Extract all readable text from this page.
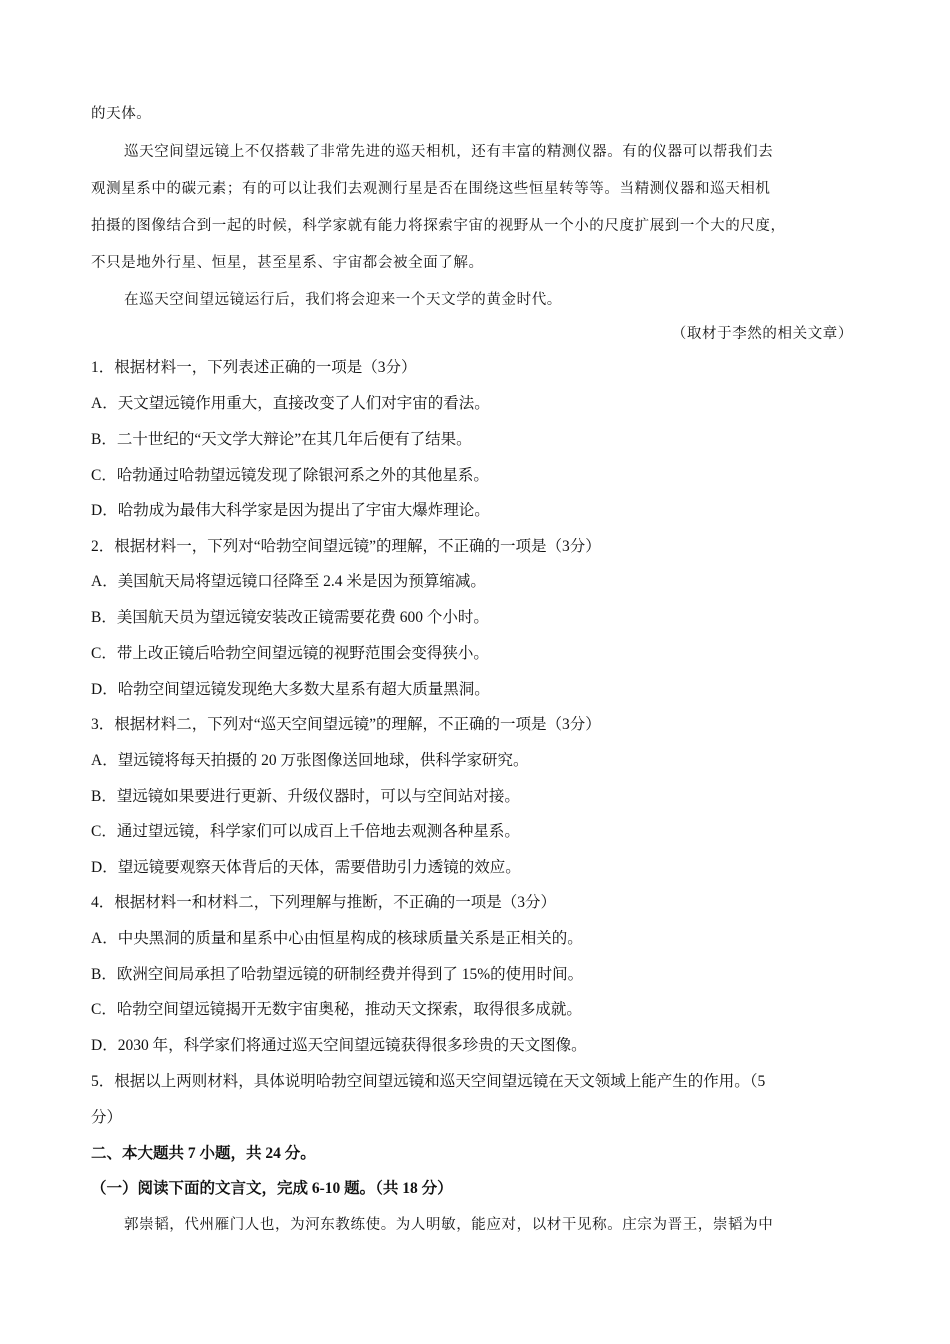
的天体。
巡天空间望远镜上不仅搭载了非常先进的巡天相机，还有丰富的精测仪器。有的仪器可以帮我们去
观测星系中的碳元素；有的可以让我们去观测行星是否在围绕这些恒星转等等。当精测仪器和巡天相机
拍摄的图像结合到一起的时候，科学家就有能力将探索宇宙的视野从一个小的尺度扩展到一个大的尺度，
不只是地外行星、恒星，甚至星系、宇宙都会被全面了解。
在巡天空间望远镜运行后，我们将会迎来一个天文学的黄金时代。
（取材于李然的相关文章）
1．根据材料一，下列表述正确的一项是（3分）
A．天文望远镜作用重大，直接改变了人们对宇宙的看法。
B．二十世纪的“天文学大辩论”在其几年后便有了结果。
C．哈勃通过哈勃望远镜发现了除银河系之外的其他星系。
D．哈勃成为最伟大科学家是因为提出了宇宙大爆炸理论。
2．根据材料一，下列对“哈勃空间望远镜”的理解，不正确的一项是（3分）
A．美国航天局将望远镜口径降至 2.4 米是因为预算缩减。
B．美国航天员为望远镜安装改正镜需要花费 600 个小时。
C．带上改正镜后哈勃空间望远镜的视野范围会变得狭小。
D．哈勃空间望远镜发现绝大多数大星系有超大质量黑洞。
3．根据材料二，下列对“巡天空间望远镜”的理解，不正确的一项是（3分）
A．望远镜将每天拍摄的 20 万张图像送回地球，供科学家研究。
B．望远镜如果要进行更新、升级仪器时，可以与空间站对接。
C．通过望远镜，科学家们可以成百上千倍地去观测各种星系。
D．望远镜要观察天体背后的天体，需要借助引力透镜的效应。
4．根据材料一和材料二，下列理解与推断，不正确的一项是（3分）
A．中央黑洞的质量和星系中心由恒星构成的核球质量关系是正相关的。
B．欧洲空间局承担了哈勃望远镜的研制经费并得到了 15%的使用时间。
C．哈勃空间望远镜揭开无数宇宙奥秘，推动天文探索，取得很多成就。
D．2030 年，科学家们将通过巡天空间望远镜获得很多珍贵的天文图像。
5．根据以上两则材料，具体说明哈勃空间望远镜和巡天空间望远镜在天文领域上能产生的作用。（5
分）
二、本大题共 7 小题，共 24 分。
（一）阅读下面的文言文，完成 6-10 题。（共 18 分）
郭崇韬，代州雁门人也，为河东教练使。为人明敏，能应对，以材干见称。庄宗为晋王，崇韬为中
